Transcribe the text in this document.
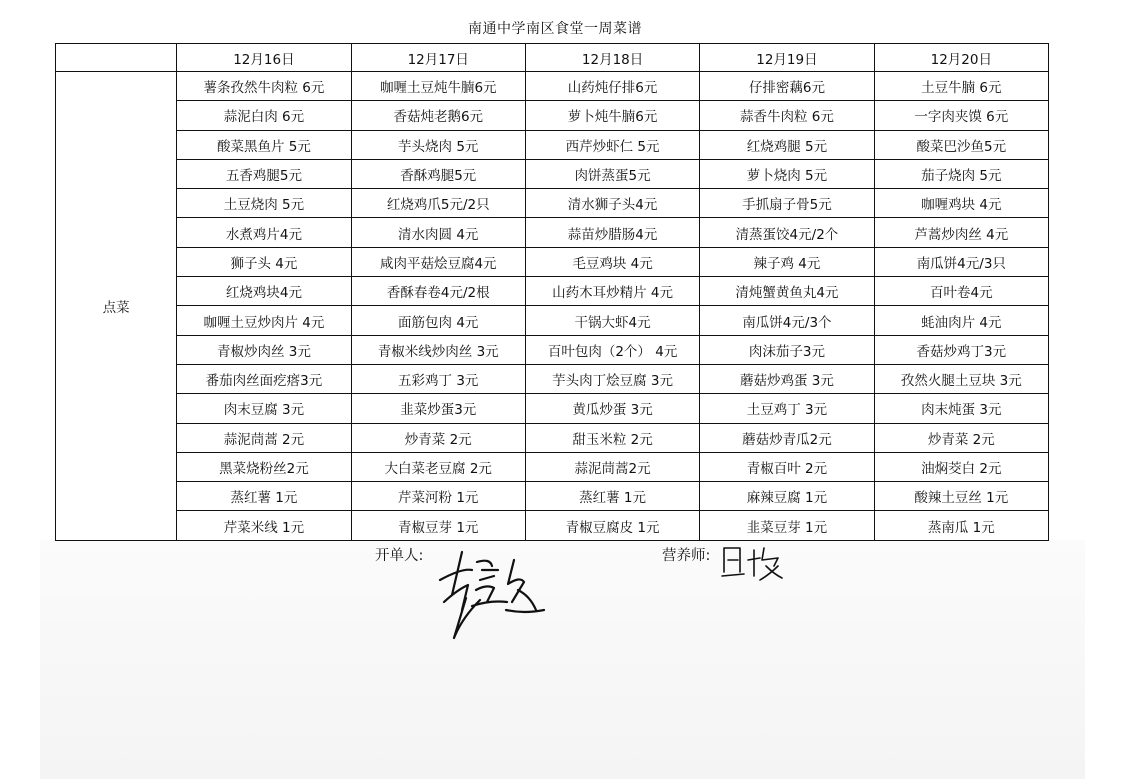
南通中学南区食堂一周菜谱
	12月16日	12月17日	12月18日	12月19日	12月20日
点菜	薯条孜然牛肉粒 6元	咖喱土豆炖牛腩6元	山药炖仔排6元	仔排密藕6元	土豆牛腩 6元
	蒜泥白肉 6元	香菇炖老鹅6元	萝卜炖牛腩6元	蒜香牛肉粒 6元	一字肉夹馍 6元
	酸菜黑鱼片 5元	芋头烧肉 5元	西芹炒虾仁 5元	红烧鸡腿 5元	酸菜巴沙鱼5元
	五香鸡腿5元	香酥鸡腿5元	肉饼蒸蛋5元	萝卜烧肉 5元	茄子烧肉 5元
	土豆烧肉 5元	红烧鸡爪5元/2只	清水狮子头4元	手抓扇子骨5元	咖喱鸡块 4元
	水煮鸡片4元	清水肉圆 4元	蒜苗炒腊肠4元	清蒸蛋饺4元/2个	芦蒿炒肉丝 4元
	狮子头 4元	咸肉平菇烩豆腐4元	毛豆鸡块 4元	辣子鸡 4元	南瓜饼4元/3只
	红烧鸡块4元	香酥春卷4元/2根	山药木耳炒精片 4元	清炖蟹黄鱼丸4元	百叶卷4元
	咖喱土豆炒肉片 4元	面筋包肉 4元	干锅大虾4元	南瓜饼4元/3个	蚝油肉片 4元
	青椒炒肉丝 3元	青椒米线炒肉丝 3元	百叶包肉（2个） 4元	肉沫茄子3元	香菇炒鸡丁3元
	番茄肉丝面疙瘩3元	五彩鸡丁 3元	芋头肉丁烩豆腐 3元	蘑菇炒鸡蛋 3元	孜然火腿土豆块 3元
	肉末豆腐 3元	韭菜炒蛋3元	黄瓜炒蛋 3元	土豆鸡丁 3元	肉末炖蛋 3元
	蒜泥茼蒿 2元	炒青菜 2元	甜玉米粒 2元	蘑菇炒青瓜2元	炒青菜 2元
	黑菜烧粉丝2元	大白菜老豆腐 2元	蒜泥茼蒿2元	青椒百叶 2元	油焖茭白 2元
	蒸红薯 1元	芹菜河粉 1元	蒸红薯 1元	麻辣豆腐 1元	酸辣土豆丝 1元
	芹菜米线 1元	青椒豆芽 1元	青椒豆腐皮 1元	韭菜豆芽 1元	蒸南瓜 1元
开单人:	营养师:
